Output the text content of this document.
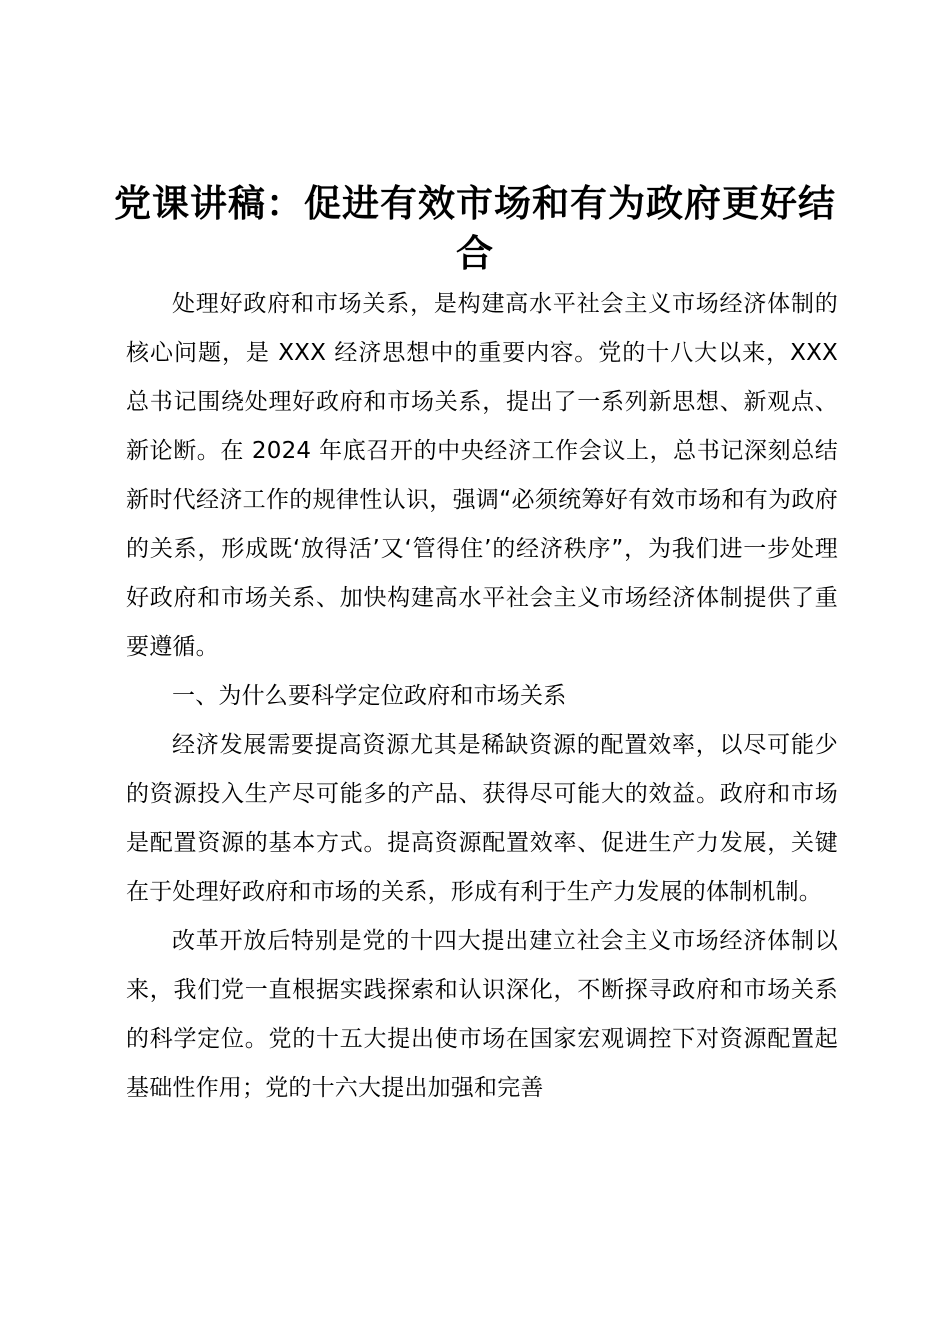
党课讲稿：促进有效市场和有为政府更好结合

处理好政府和市场关系，是构建高水平社会主义市场经济体制的核心问题，是 XXX 经济思想中的重要内容。党的十八大以来，XXX 总书记围绕处理好政府和市场关系，提出了一系列新思想、新观点、新论断。在 2024 年底召开的中央经济工作会议上，总书记深刻总结新时代经济工作的规律性认识，强调“必须统筹好有效市场和有为政府的关系，形成既‘放得活’又‘管得住’的经济秩序”，为我们进一步处理好政府和市场关系、加快构建高水平社会主义市场经济体制提供了重要遵循。

一、为什么要科学定位政府和市场关系

经济发展需要提高资源尤其是稀缺资源的配置效率，以尽可能少的资源投入生产尽可能多的产品、获得尽可能大的效益。政府和市场是配置资源的基本方式。提高资源配置效率、促进生产力发展，关键在于处理好政府和市场的关系，形成有利于生产力发展的体制机制。

改革开放后特别是党的十四大提出建立社会主义市场经济体制以来，我们党一直根据实践探索和认识深化，不断探寻政府和市场关系的科学定位。党的十五大提出使市场在国家宏观调控下对资源配置起基础性作用；党的十六大提出加强和完善
